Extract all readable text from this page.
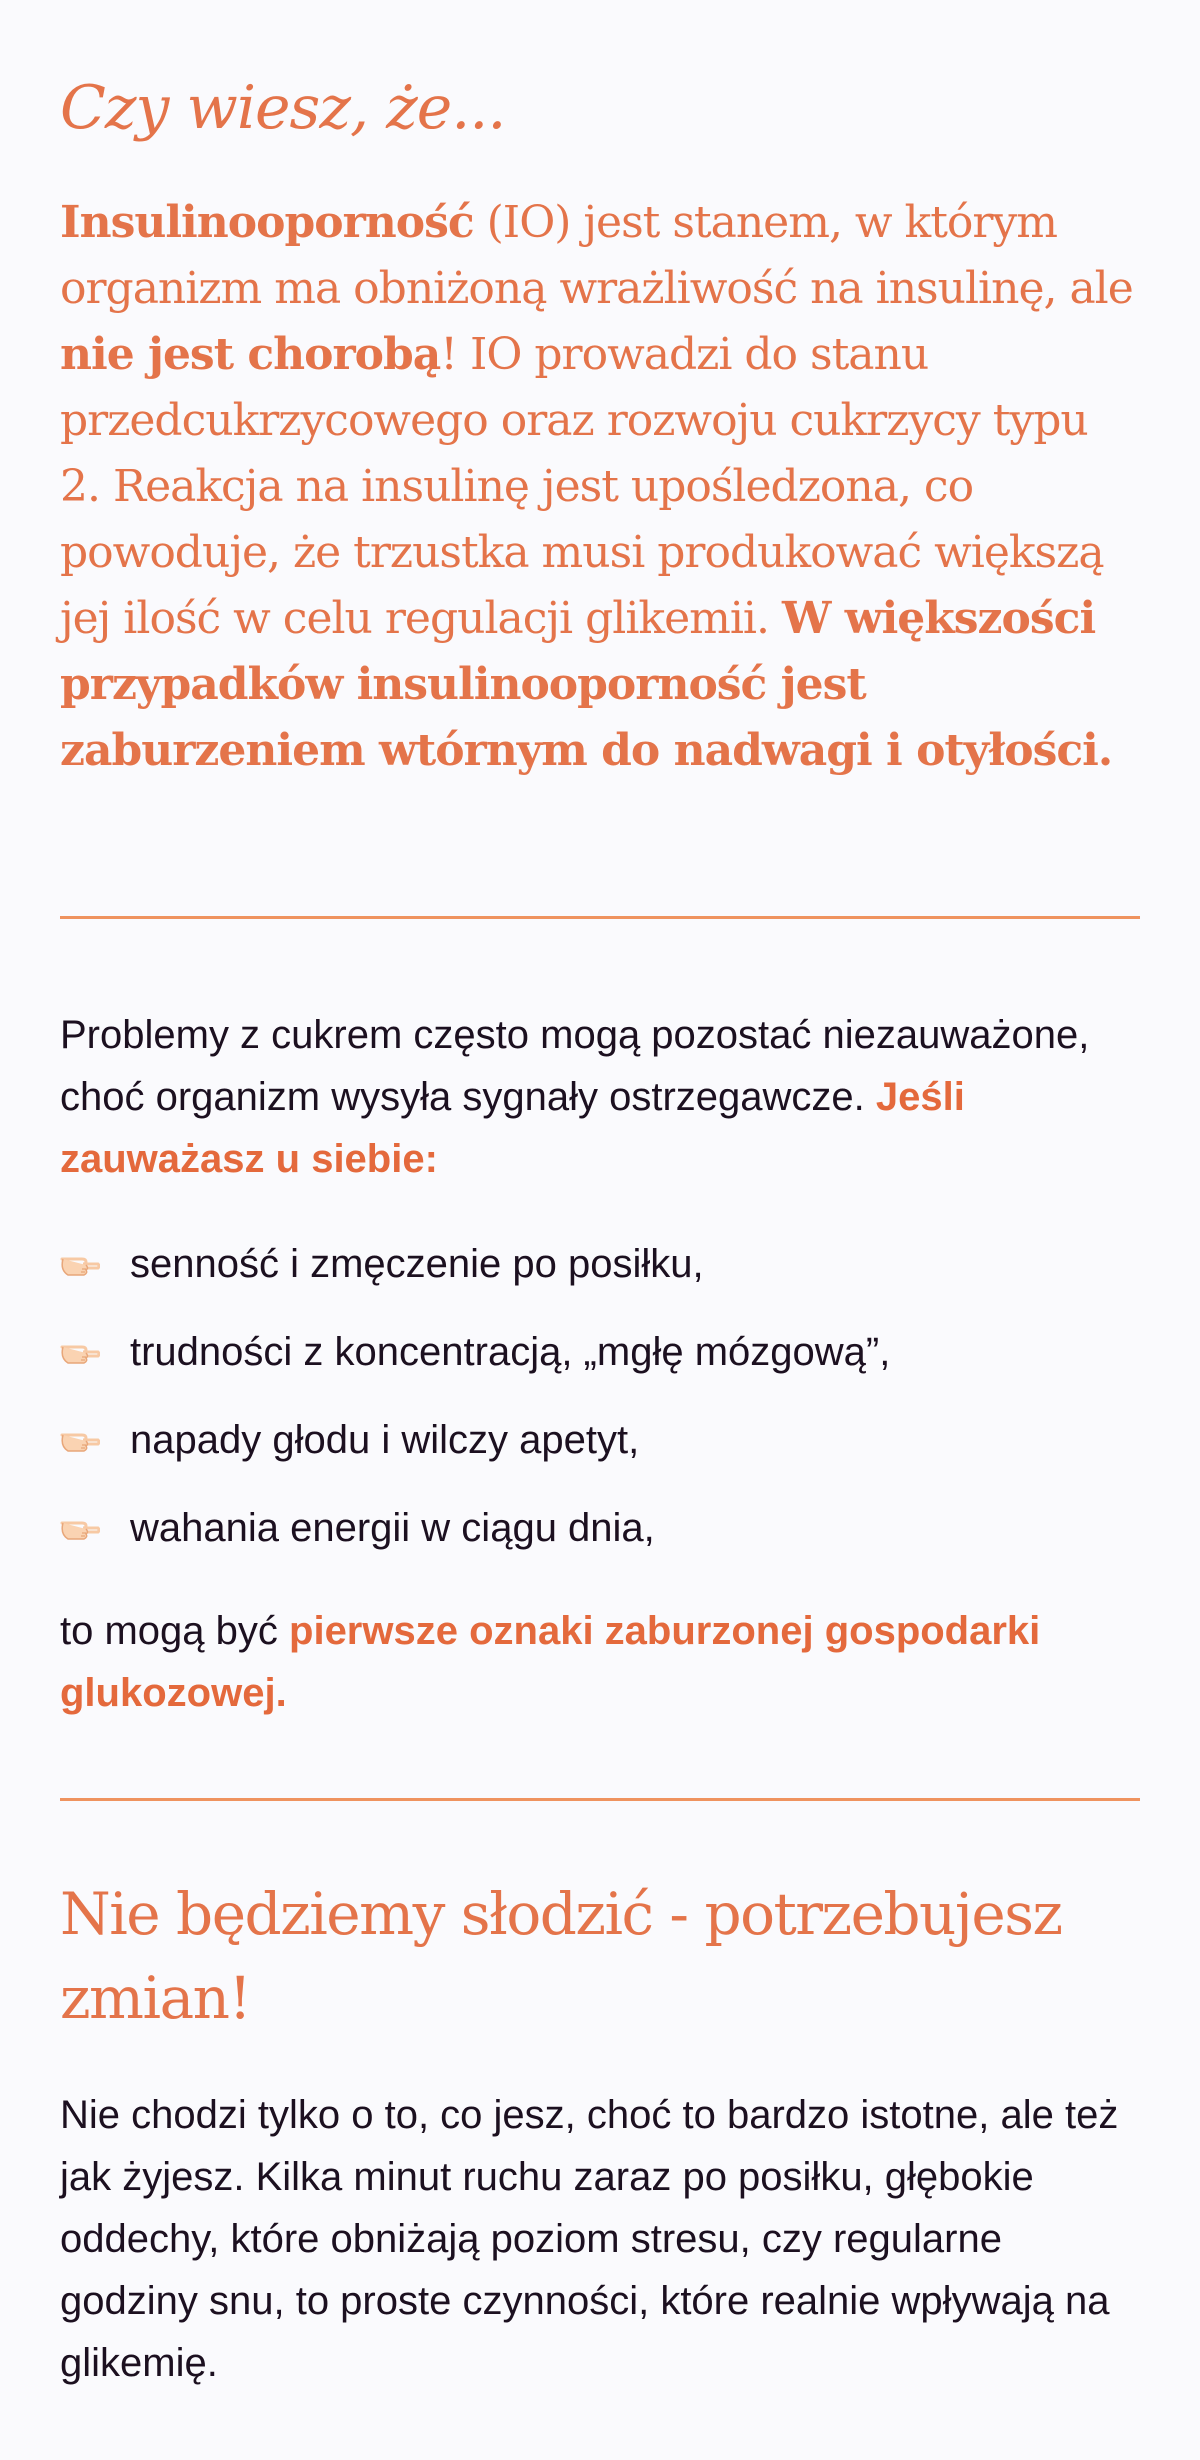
Czy wiesz, że...

Insulinooporność (IO) jest stanem, w którym organizm ma obniżoną wrażliwość na insulinę, ale nie jest chorobą! IO prowadzi do stanu przedcukrzycowego oraz rozwoju cukrzycy typu 2. Reakcja na insulinę jest upośledzona, co powoduje, że trzustka musi produkować większą jej ilość w celu regulacji glikemii. W większości przypadków insulinooporność jest zaburzeniem wtórnym do nadwagi i otyłości.

Problemy z cukrem często mogą pozostać niezauważone, choć organizm wysyła sygnały ostrzegawcze. Jeśli zauważasz u siebie:

senność i zmęczenie po posiłku,
trudności z koncentracją, „mgłę mózgową”,
napady głodu i wilczy apetyt,
wahania energii w ciągu dnia,

to mogą być pierwsze oznaki zaburzonej gospodarki glukozowej.

Nie będziemy słodzić - potrzebujesz zmian!

Nie chodzi tylko o to, co jesz, choć to bardzo istotne, ale też jak żyjesz. Kilka minut ruchu zaraz po posiłku, głębokie oddechy, które obniżają poziom stresu, czy regularne godziny snu, to proste czynności, które realnie wpływają na glikemię.
